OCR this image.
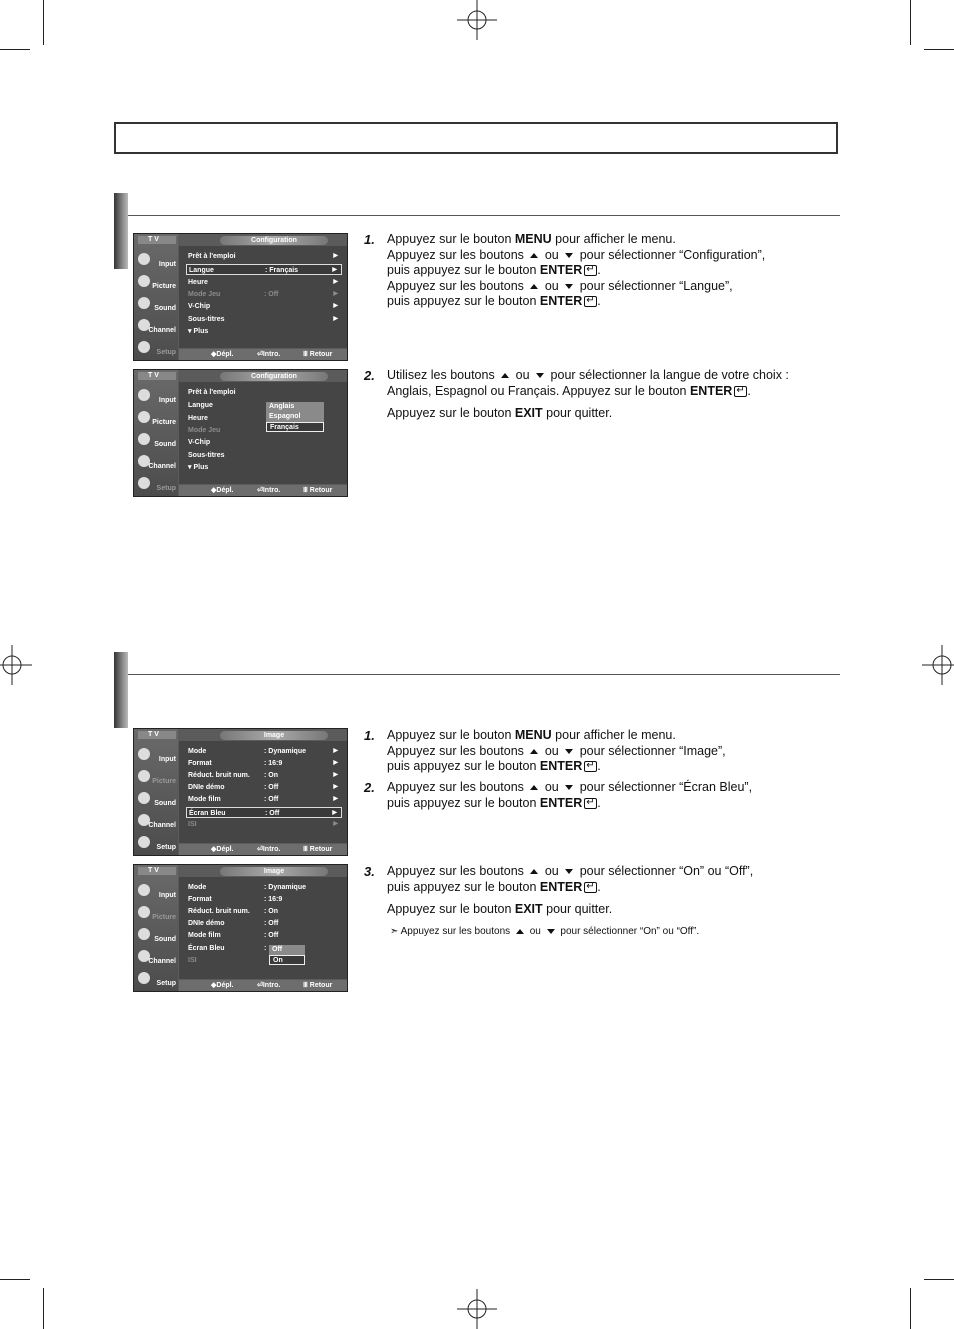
T V
Input
Picture
Sound
Channel
Setup
Configuration
Prêt à l'emploi	▶
Langue	: Français	▶
Heure	▶
Mode Jeu	: Off	▶
V-Chip	▶
Sous-titres	▶
▾ Plus
◆Dépl.	⏎Intro.	Ⅲ Retour
T V
Input
Picture
Sound
Channel
Setup
Configuration
Prêt à l'emploi
Langue
Heure
Mode Jeu
V-Chip
Sous-titres
▾ Plus
Anglais
Espagnol
Français
◆Dépl.	⏎Intro.	Ⅲ Retour
T V
Input
Picture
Sound
Channel
Setup
Image
Mode	: Dynamique	▶
Format	: 16:9	▶
Réduct. bruit num. : On	▶
DNIe démo	: Off	▶
Mode film	: Off	▶
Écran Bleu	: Off	▶
ISI	▶
◆Dépl.	⏎Intro.	Ⅲ Retour
T V
Input
Picture
Sound
Channel
Setup
Image
Mode	: Dynamique
Format	: 16:9
Réduct. bruit num. : On
DNIe démo	: Off
Mode film	: Off
Écran Bleu	:
ISI
Off
On
◆Dépl.	⏎Intro.	Ⅲ Retour
1. Appuyez sur le bouton MENU pour afficher le menu.
Appuyez sur les boutons ou pour sélectionner “Configuration”,
puis appuyez sur le bouton ENTER ↵ .
Appuyez sur les boutons ou pour sélectionner “Langue”,
puis appuyez sur le bouton ENTER ↵ .
2. Utilisez les boutons ou pour sélectionner la langue de votre choix :
Anglais, Espagnol ou Français. Appuyez sur le bouton ENTER ↵ .
Appuyez sur le bouton EXIT pour quitter.
1. Appuyez sur le bouton MENU pour afficher le menu.
Appuyez sur les boutons ou pour sélectionner “Image”,
puis appuyez sur le bouton ENTER ↵ .
2. Appuyez sur les boutons ou pour sélectionner “Écran Bleu”,
puis appuyez sur le bouton ENTER ↵ .
3. Appuyez sur les boutons ou pour sélectionner “On” ou “Off”,
puis appuyez sur le bouton ENTER ↵ .
Appuyez sur le bouton EXIT pour quitter.
➣ Appuyez sur les boutons ou pour sélectionner “On” ou “Off”.
